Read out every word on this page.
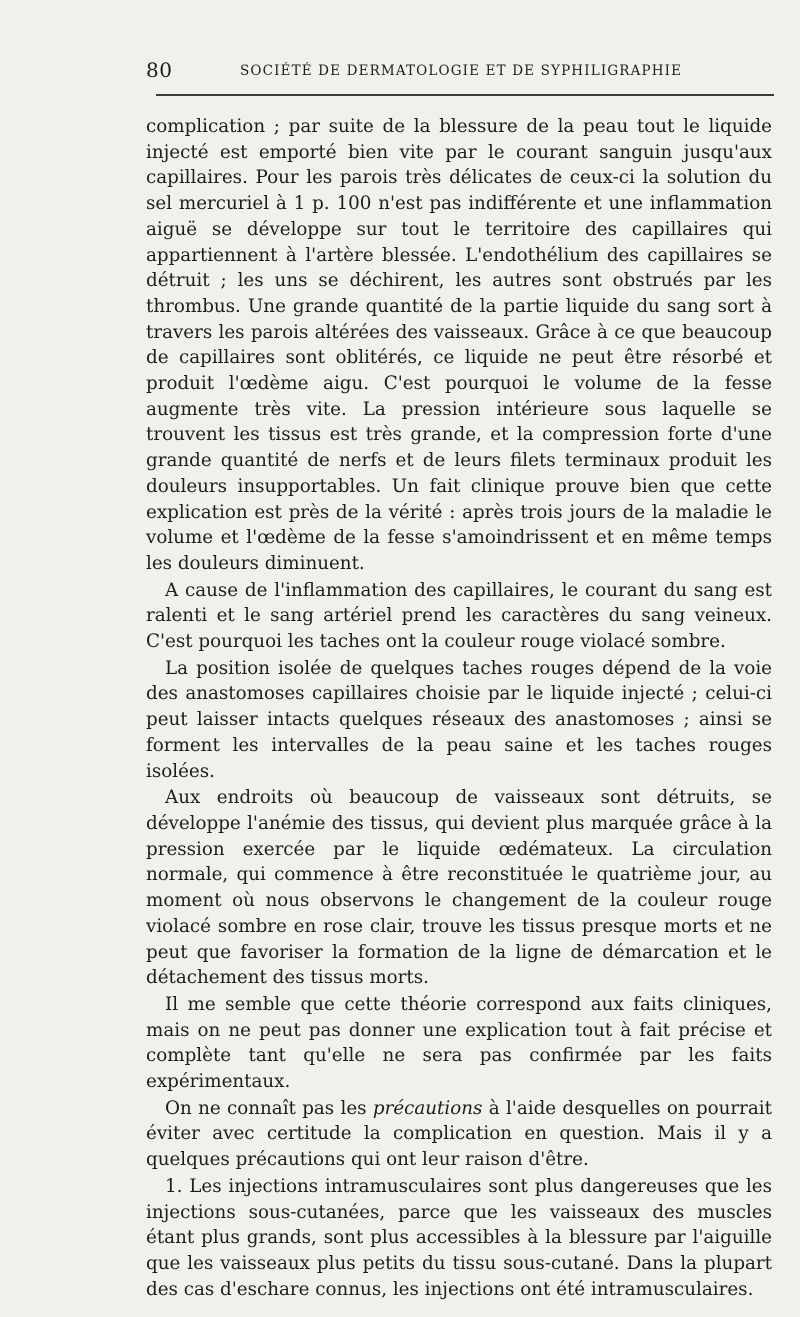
80	SOCIÉTÉ DE DERMATOLOGIE ET DE SYPHILIGRAPHIE

complication ; par suite de la blessure de la peau tout le liquide injecté est emporté bien vite par le courant sanguin jusqu'aux capillaires. Pour les parois très délicates de ceux-ci la solution du sel mercuriel à 1 p. 100 n'est pas indifférente et une inflammation aiguë se développe sur tout le territoire des capillaires qui appartiennent à l'artère blessée. L'endothélium des capillaires se détruit ; les uns se déchirent, les autres sont obstrués par les thrombus. Une grande quantité de la partie liquide du sang sort à travers les parois altérées des vaisseaux. Grâce à ce que beaucoup de capillaires sont oblitérés, ce liquide ne peut être résorbé et produit l'œdème aigu. C'est pourquoi le volume de la fesse augmente très vite. La pression intérieure sous laquelle se trouvent les tissus est très grande, et la compression forte d'une grande quantité de nerfs et de leurs filets terminaux produit les douleurs insupportables. Un fait clinique prouve bien que cette explication est près de la vérité : après trois jours de la maladie le volume et l'œdème de la fesse s'amoindrissent et en même temps les douleurs diminuent.

A cause de l'inflammation des capillaires, le courant du sang est ralenti et le sang artériel prend les caractères du sang veineux. C'est pourquoi les taches ont la couleur rouge violacé sombre.

La position isolée de quelques taches rouges dépend de la voie des anastomoses capillaires choisie par le liquide injecté ; celui-ci peut laisser intacts quelques réseaux des anastomoses ; ainsi se forment les intervalles de la peau saine et les taches rouges isolées.

Aux endroits où beaucoup de vaisseaux sont détruits, se développe l'anémie des tissus, qui devient plus marquée grâce à la pression exercée par le liquide œdémateux. La circulation normale, qui commence à être reconstituée le quatrième jour, au moment où nous observons le changement de la couleur rouge violacé sombre en rose clair, trouve les tissus presque morts et ne peut que favoriser la formation de la ligne de démarcation et le détachement des tissus morts.

Il me semble que cette théorie correspond aux faits cliniques, mais on ne peut pas donner une explication tout à fait précise et complète tant qu'elle ne sera pas confirmée par les faits expérimentaux.

On ne connaît pas les précautions à l'aide desquelles on pourrait éviter avec certitude la complication en question. Mais il y a quelques précautions qui ont leur raison d'être.

1. Les injections intramusculaires sont plus dangereuses que les injections sous-cutanées, parce que les vaisseaux des muscles étant plus grands, sont plus accessibles à la blessure par l'aiguille que les vaisseaux plus petits du tissu sous-cutané. Dans la plupart des cas d'eschare connus, les injections ont été intramusculaires.
